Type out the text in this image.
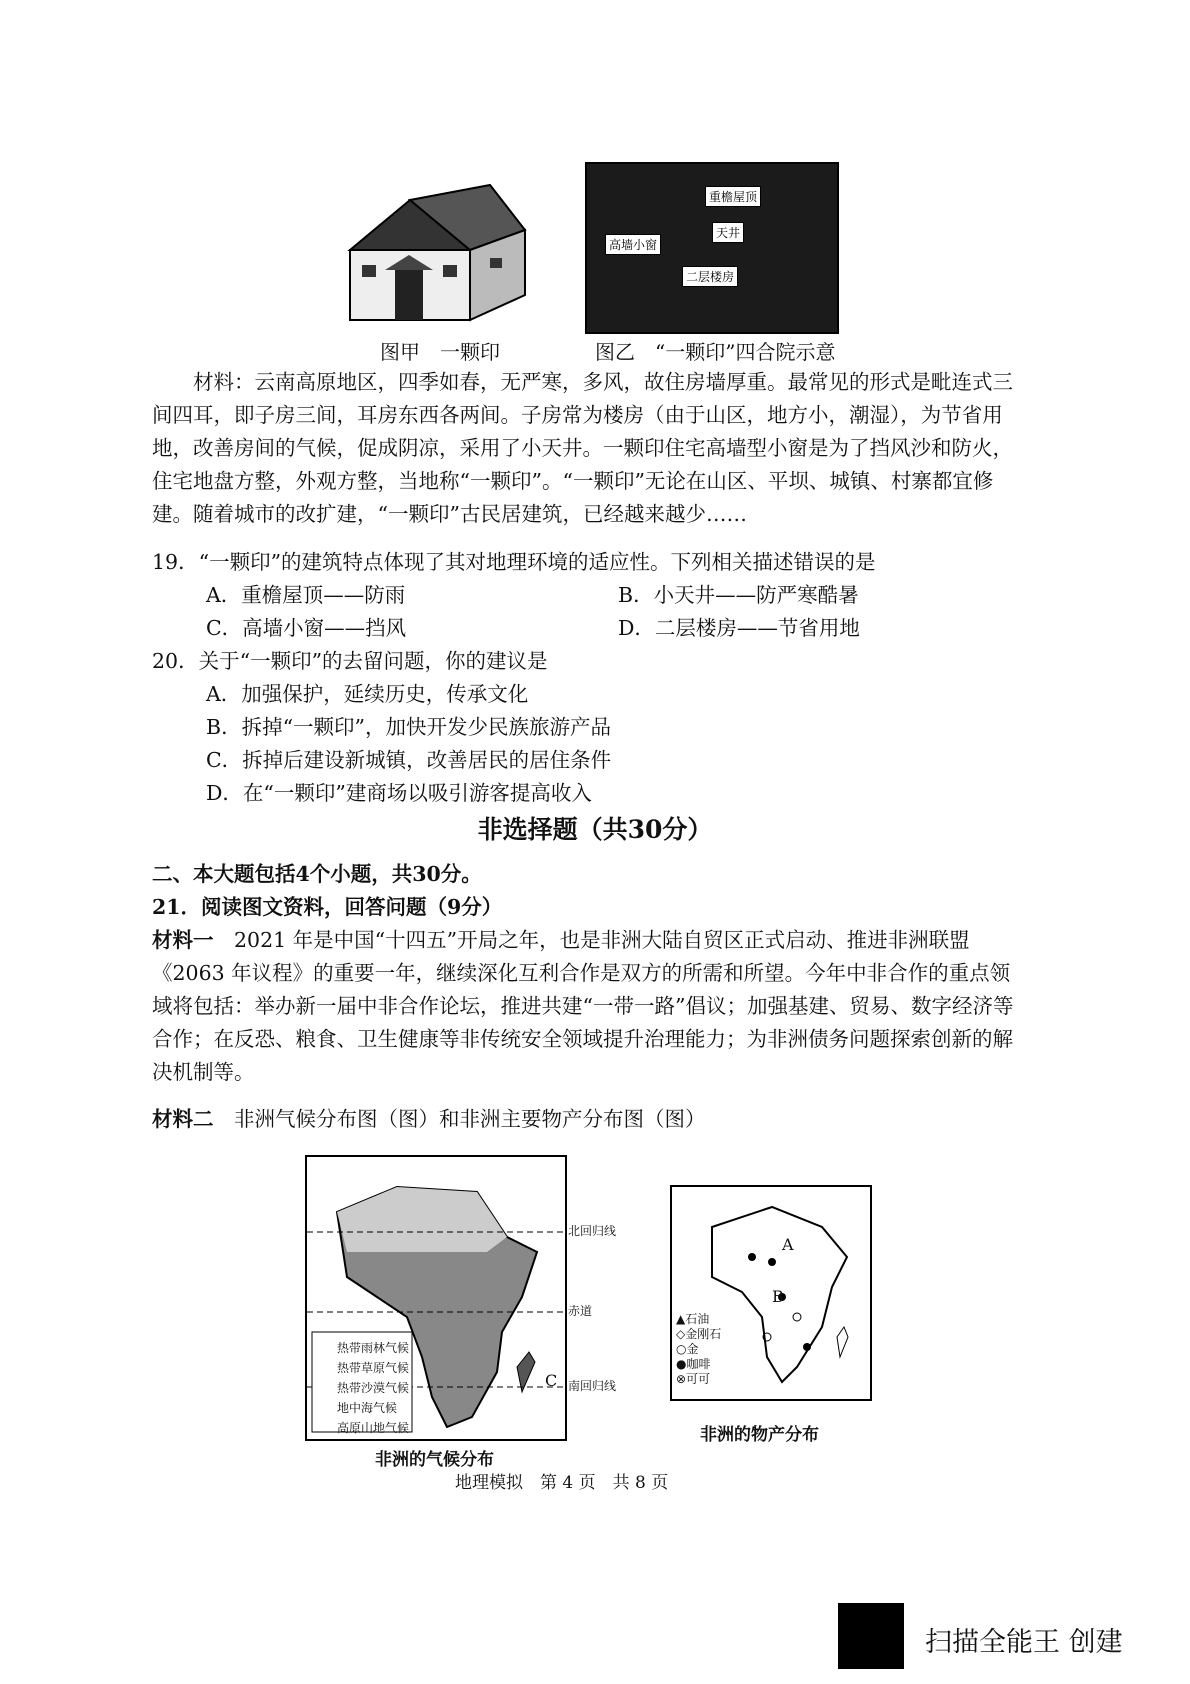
重檐屋顶
天井
高墙小窗
二层楼房
图甲　一颗印	图乙　“一颗印”四合院示意
材料：云南高原地区，四季如春，无严寒，多风，故住房墙厚重。最常见的形式是毗连式三间四耳，即子房三间，耳房东西各两间。子房常为楼房（由于山区，地方小，潮湿），为节省用地，改善房间的气候，促成阴凉，采用了小天井。一颗印住宅高墙型小窗是为了挡风沙和防火，住宅地盘方整，外观方整，当地称“一颗印”。“一颗印”无论在山区、平坝、城镇、村寨都宜修建。随着城市的改扩建，“一颗印”古民居建筑，已经越来越少……
19．“一颗印”的建筑特点体现了其对地理环境的适应性。下列相关描述错误的是
A．重檐屋顶——防雨	B．小天井——防严寒酷暑
C．高墙小窗——挡风	D．二层楼房——节省用地
20．关于“一颗印”的去留问题，你的建议是
A．加强保护，延续历史，传承文化
B．拆掉“一颗印”，加快开发少民族旅游产品
C．拆掉后建设新城镇，改善居民的居住条件
D．在“一颗印”建商场以吸引游客提高收入
非选择题（共30分）
二、本大题包括4个小题，共30分。
21．阅读图文资料，回答问题（9分）
材料一　2021 年是中国“十四五”开局之年，也是非洲大陆自贸区正式启动、推进非洲联盟《2063 年议程》的重要一年，继续深化互利合作是双方的所需和所望。今年中非合作的重点领域将包括：举办新一届中非合作论坛，推进共建“一带一路”倡议；加强基建、贸易、数字经济等合作；在反恐、粮食、卫生健康等非传统安全领域提升治理能力；为非洲债务问题探索创新的解决机制等。
材料二　 非洲气候分布图（图）和非洲主要物产分布图（图）
热带雨林气候
热带草原气候
热带沙漠气候
地中海气候
高原山地气候
C
北回归线
赤道
南回归线
非洲的气候分布
▲石油
◇金刚石
○金
●咖啡
⊗可可
A
B
非洲的物产分布
地理模拟　第 4 页　共 8 页
扫描全能王 创建
